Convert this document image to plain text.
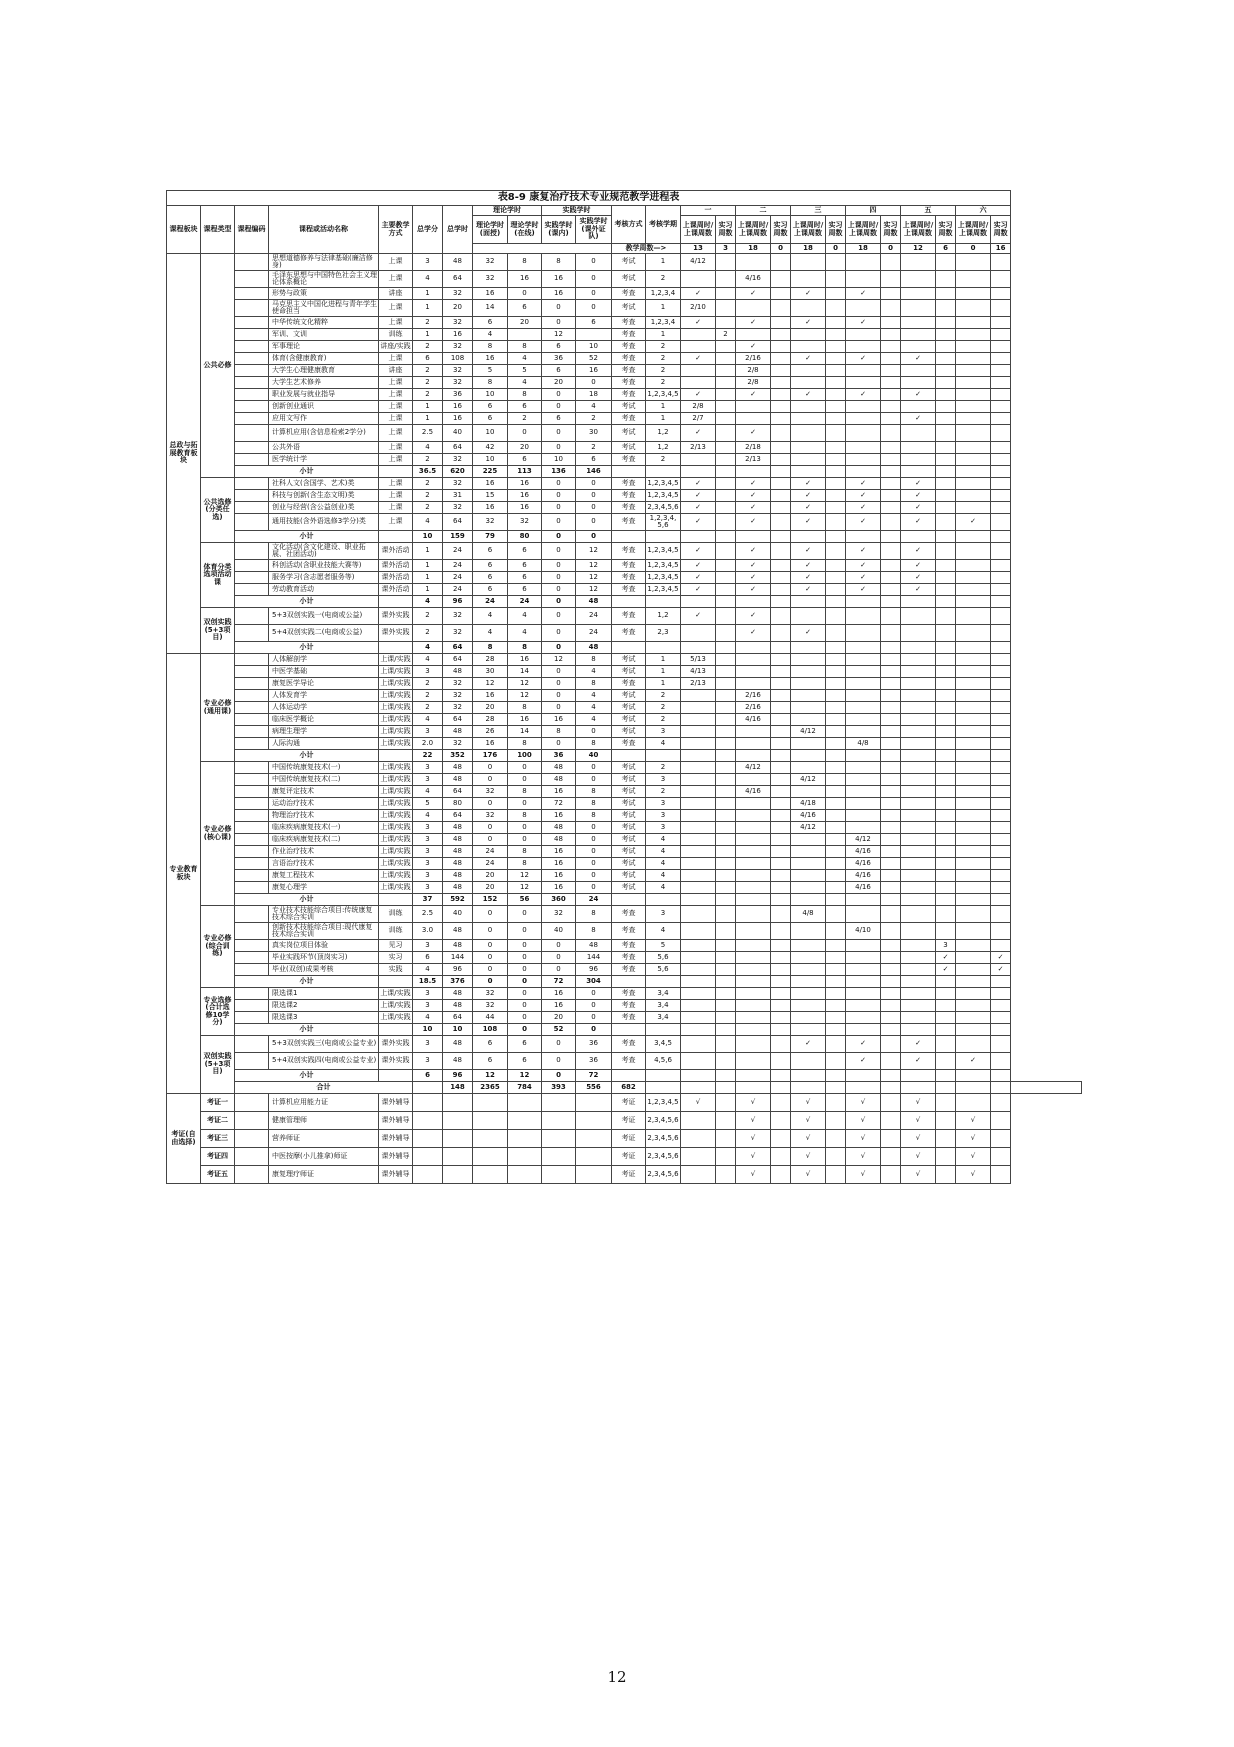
表8-9 康复治疗技术专业规范教学进程表																									
课程板块	课程类型	课程编码	课程或活动名称	主要教学方式	总学分	总学时	理论学时		实践学时		考核方式	考核学期	一		二		三		四		五		六		
							理论学时(面授)	理论学时(在线)	实践学时(课内)	实践学时(课外证队)			上课周时/上课周数	实习周数	上课周时/上课周数	实习周数	上课周时/上课周数	实习周数	上课周时/上课周数	实习周数	上课周时/上课周数	实习周数	上课周时/上课周数	实习周数	
											教学周数—>		13	3	18	0	18	0	18	0	12	6	0	16	
总政与拓展教育板块	公共必修		思想道德修养与法律基础(廉洁修身)	上课	3	48	32	8	8	0	考试	1	4/12												
			毛泽东思想与中国特色社会主义理论体系概论	上课	4	64	32	16	16	0	考试	2			4/16										
			形势与政策	讲座	1	32	16	0	16	0	考查	1,2,3,4	✓		✓		✓		✓						
			马克思主义中国化进程与青年学生使命担当	上课	1	20	14	6	0	0	考试	1	2/10												
			中华传统文化精粹	上课	2	32	6	20	0	6	考查	1,2,3,4	✓		✓		✓		✓						
			军训、文训	训练	1	16	4		12		考查	1		2											
			军事理论	讲座/实践	2	32	8	8	6	10	考查	2			✓										
			体育(含健康教育)	上课	6	108	16	4	36	52	考查	2	✓		2/16		✓		✓		✓				
			大学生心理健康教育	讲座	2	32	5	5	6	16	考查	2			2/8										
			大学生艺术修养	上课	2	32	8	4	20	0	考查	2			2/8										
			职业发展与就业指导	上课	2	36	10	8	0	18	考查	1,2,3,4,5	✓		✓		✓		✓		✓				
			创新创业通识	上课	1	16	6	6	0	4	考试	1	2/8												
			应用文写作	上课	1	16	6	2	6	2	考查	1	2/7								✓				
			计算机应用(含信息检索2学分)	上课	2.5	40	10	0	0	30	考试	1,2	✓		✓										
			公共外语	上课	4	64	42	20	0	2	考试	1,2	2/13		2/18										
			医学统计学	上课	2	32	10	6	10	6	考查	2			2/13										
		小计			36.5	620	225	113	136	146															
	公共选修(分类任选)		社科人文(含国学、艺术)类	上课	2	32	16	16	0	0	考查	1,2,3,4,5	✓		✓		✓		✓		✓				
			科技与创新(含生态文明)类	上课	2	31	15	16	0	0	考查	1,2,3,4,5	✓		✓		✓		✓		✓				
			创业与经营(含公益创业)类	上课	2	32	16	16	0	0	考查	2,3,4,5,6	✓		✓		✓		✓		✓				
			通用技能(含外语选修3学分)类	上课	4	64	32	32	0	0	考查	1,2,3,4,5,6	✓		✓		✓		✓		✓		✓		
		小计			10	159	79	80	0	0															
	体育分类选项活动课		文化活动(含文化建设、职业拓展、社团活动)	课外活动	1	24	6	6	0	12	考查	1,2,3,4,5	✓		✓		✓		✓		✓				
			科创活动(含职业技能大赛等)	课外活动	1	24	6	6	0	12	考查	1,2,3,4,5	✓		✓		✓		✓		✓				
			服务学习(含志愿者服务等)	课外活动	1	24	6	6	0	12	考查	1,2,3,4,5	✓		✓		✓		✓		✓				
			劳动教育活动	课外活动	1	24	6	6	0	12	考查	1,2,3,4,5	✓		✓		✓		✓		✓				
		小计			4	96	24	24	0	48															
	双创实践(5+3项目)		5+3双创实践一(电商或公益)	课外实践	2	32	4	4	0	24	考查	1,2	✓		✓										
			5+4双创实践二(电商或公益)	课外实践	2	32	4	4	0	24	考查	2,3			✓		✓								
		小计			4	64	8	8	0	48															
专业教育板块	专业必修(通用课)		人体解剖学	上课/实践	4	64	28	16	12	8	考试	1	5/13												
			中医学基础	上课/实践	3	48	30	14	0	4	考试	1	4/13												
			康复医学导论	上课/实践	2	32	12	12	0	8	考查	1	2/13												
			人体发育学	上课/实践	2	32	16	12	0	4	考试	2			2/16										
			人体运动学	上课/实践	2	32	20	8	0	4	考试	2			2/16										
			临床医学概论	上课/实践	4	64	28	16	16	4	考试	2			4/16										
			病理生理学	上课/实践	3	48	26	14	8	0	考试	3					4/12								
			人际沟通	上课/实践	2.0	32	16	8	0	8	考查	4							4/8						
		小计			22	352	176	100	36	40															
	专业必修(核心课)		中国传统康复技术(一)	上课/实践	3	48	0	0	48	0	考试	2			4/12										
			中国传统康复技术(二)	上课/实践	3	48	0	0	48	0	考试	3					4/12								
			康复评定技术	上课/实践	4	64	32	8	16	8	考试	2			4/16										
			运动治疗技术	上课/实践	5	80	0	0	72	8	考试	3					4/18								
			物理治疗技术	上课/实践	4	64	32	8	16	8	考试	3					4/16								
			临床疾病康复技术(一)	上课/实践	3	48	0	0	48	0	考试	3					4/12								
			临床疾病康复技术(二)	上课/实践	3	48	0	0	48	0	考试	4							4/12						
			作业治疗技术	上课/实践	3	48	24	8	16	0	考试	4							4/16						
			言语治疗技术	上课/实践	3	48	24	8	16	0	考试	4							4/16						
			康复工程技术	上课/实践	3	48	20	12	16	0	考试	4							4/16						
			康复心理学	上课/实践	3	48	20	12	16	0	考试	4							4/16						
		小计			37	592	152	56	360	24															
	专业必修(综合训练)		专业技术技能综合项目:传统康复技术综合实训	训练	2.5	40	0	0	32	8	考查	3					4/8								
			创新技术技能综合项目:现代康复技术综合实训	训练	3.0	48	0	0	40	8	考查	4							4/10						
			真实岗位项目体验	见习	3	48	0	0	0	48	考查	5										3			
			毕业实践环节(顶岗实习)	实习	6	144	0	0	0	144	考查	5,6										✓		✓	
			毕业(双创)成果考核	实践	4	96	0	0	0	96	考查	5,6										✓		✓	
		小计			18.5	376	0	0	72	304															
	专业选修(合计选修10学分)		限选课1	上课/实践	3	48	32	0	16	0	考查	3,4													
			限选课2	上课/实践	3	48	32	0	16	0	考查	3,4													
			限选课3	上课/实践	4	64	44	0	20	0	考查	3,4													
		小计			10	10	108	0	52	0															
	双创实践(5+3项目)		5+3双创实践三(电商或公益专业)	课外实践	3	48	6	6	0	36	考查	3,4,5					✓		✓		✓				
			5+4双创实践四(电商或公益专业)	课外实践	3	48	6	6	0	36	考查	4,5,6							✓		✓		✓		
		小计			6	96	12	12	0	72															
		合计				148	2365	784	393	556	682														
考证(自由选择)	考证一		计算机应用能力证	课外辅导							考证	1,2,3,4,5	√		√		√		√		√				
	考证二		健康管理师	课外辅导							考证	2,3,4,5,6			√		√		√		√		√		
	考证三		营养师证	课外辅导							考证	2,3,4,5,6			√		√		√		√		√		
	考证四		中医按摩(小儿推拿)师证	课外辅导							考证	2,3,4,5,6			√		√		√		√		√		
	考证五		康复理疗师证	课外辅导							考证	2,3,4,5,6			√		√		√		√		√		
12
